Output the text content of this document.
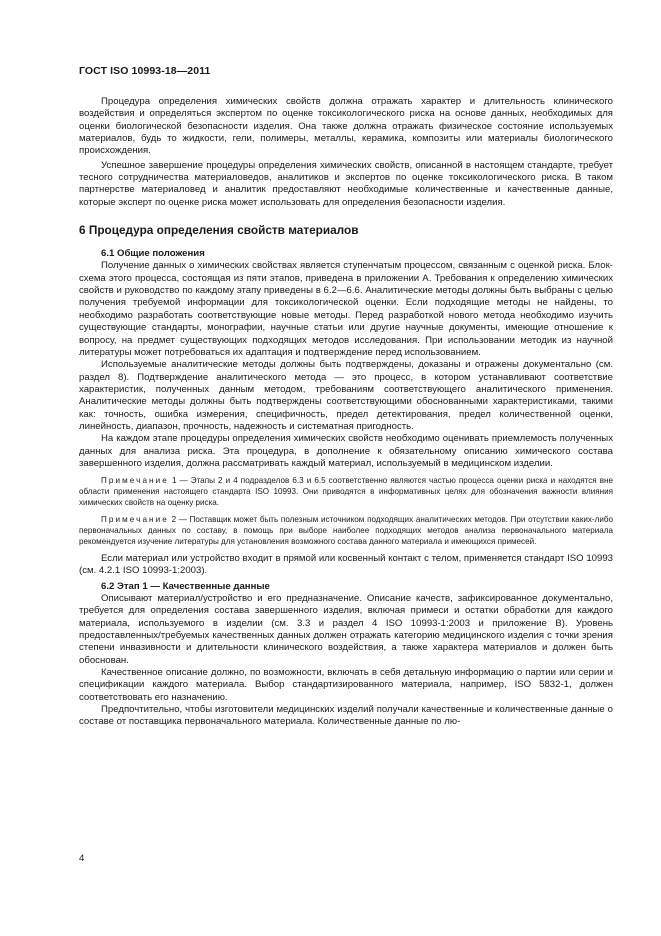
ГОСТ ISO 10993-18—2011

Процедура определения химических свойств должна отражать характер и длительность клинического воздействия и определяться экспертом по оценке токсикологического риска на основе данных, необходимых для оценки биологической безопасности изделия. Она также должна отражать физическое состояние используемых материалов, будь то жидкости, гели, полимеры, металлы, керамика, композиты или материалы биологического происхождения.

Успешное завершение процедуры определения химических свойств, описанной в настоящем стандарте, требует тесного сотрудничества материаловедов, аналитиков и экспертов по оценке токсикологического риска. В таком партнерстве материаловед и аналитик предоставляют необходимые количественные и качественные данные, которые эксперт по оценке риска может использовать для определения безопасности изделия.

6 Процедура определения свойств материалов
6.1 Общие положения

Получение данных о химических свойствах является ступенчатым процессом, связанным с оценкой риска. Блок-схема этого процесса, состоящая из пяти этапов, приведена в приложении А. Требования к определению химических свойств и руководство по каждому этапу приведены в 6.2—6.6. Аналитические методы должны быть выбраны с целью получения требуемой информации для токсикологической оценки. Если подходящие методы не найдены, то необходимо разработать соответствующие новые методы. Перед разработкой нового метода необходимо изучить существующие стандарты, монографии, научные статьи или другие научные документы, имеющие отношение к вопросу, на предмет существующих подходящих методов исследования. При использовании методик из научной литературы может потребоваться их адаптация и подтверждение перед использованием.

Используемые аналитические методы должны быть подтверждены, доказаны и отражены документально (см. раздел 8). Подтверждение аналитического метода — это процесс, в котором устанавливают соответствие характеристик, полученных данным методом, требованиям соответствующего аналитического применения. Аналитические методы должны быть подтверждены соответствующими обоснованными характеристиками, такими как: точность, ошибка измерения, специфичность, предел детектирования, предел количественной оценки, линейность, диапазон, прочность, надежность и систематная пригодность.

На каждом этапе процедуры определения химических свойств необходимо оценивать приемлемость полученных данных для анализа риска. Эта процедура, в дополнение к обязательному описанию химического состава завершенного изделия, должна рассматривать каждый материал, используемый в медицинском изделии.

Примечание 1 — Этапы 2 и 4 подразделов 6.3 и 6.5 соответственно являются частью процесса оценки риска и находятся вне области применения настоящего стандарта ISO 10993. Они приводятся в информативных целях для обозначения важности влияния химических свойств на оценку риска.
Примечание 2 — Поставщик может быть полезным источником подходящих аналитических методов. При отсутствии каких-либо первоначальных данных по составу, в помощь при выборе наиболее подходящих методов анализа первоначального материала рекомендуется изучение литературы для установления возможного состава данного материала и имеющихся примесей.

Если материал или устройство входит в прямой или косвенный контакт с телом, применяется стандарт ISO 10993 (см. 4.2.1 ISO 10993-1:2003).

6.2 Этап 1 — Качественные данные

Описывают материал/устройство и его предназначение. Описание качеств, зафиксированное документально, требуется для определения состава завершенного изделия, включая примеси и остатки обработки для каждого материала, используемого в изделии (см. 3.3 и раздел 4 ISO 10993-1:2003 и приложение В). Уровень предоставленных/требуемых качественных данных должен отражать категорию медицинского изделия с точки зрения степени инвазивности и длительности клинического воздействия, а также характера материалов и должен быть обоснован.

Качественное описание должно, по возможности, включать в себя детальную информацию о партии или серии и спецификации каждого материала. Выбор стандартизированного материала, например, ISO 5832-1, должен соответствовать его назначению.

Предпочтительно, чтобы изготовители медицинских изделий получали качественные и количественные данные о составе от поставщика первоначального материала. Количественные данные по лю-

4
